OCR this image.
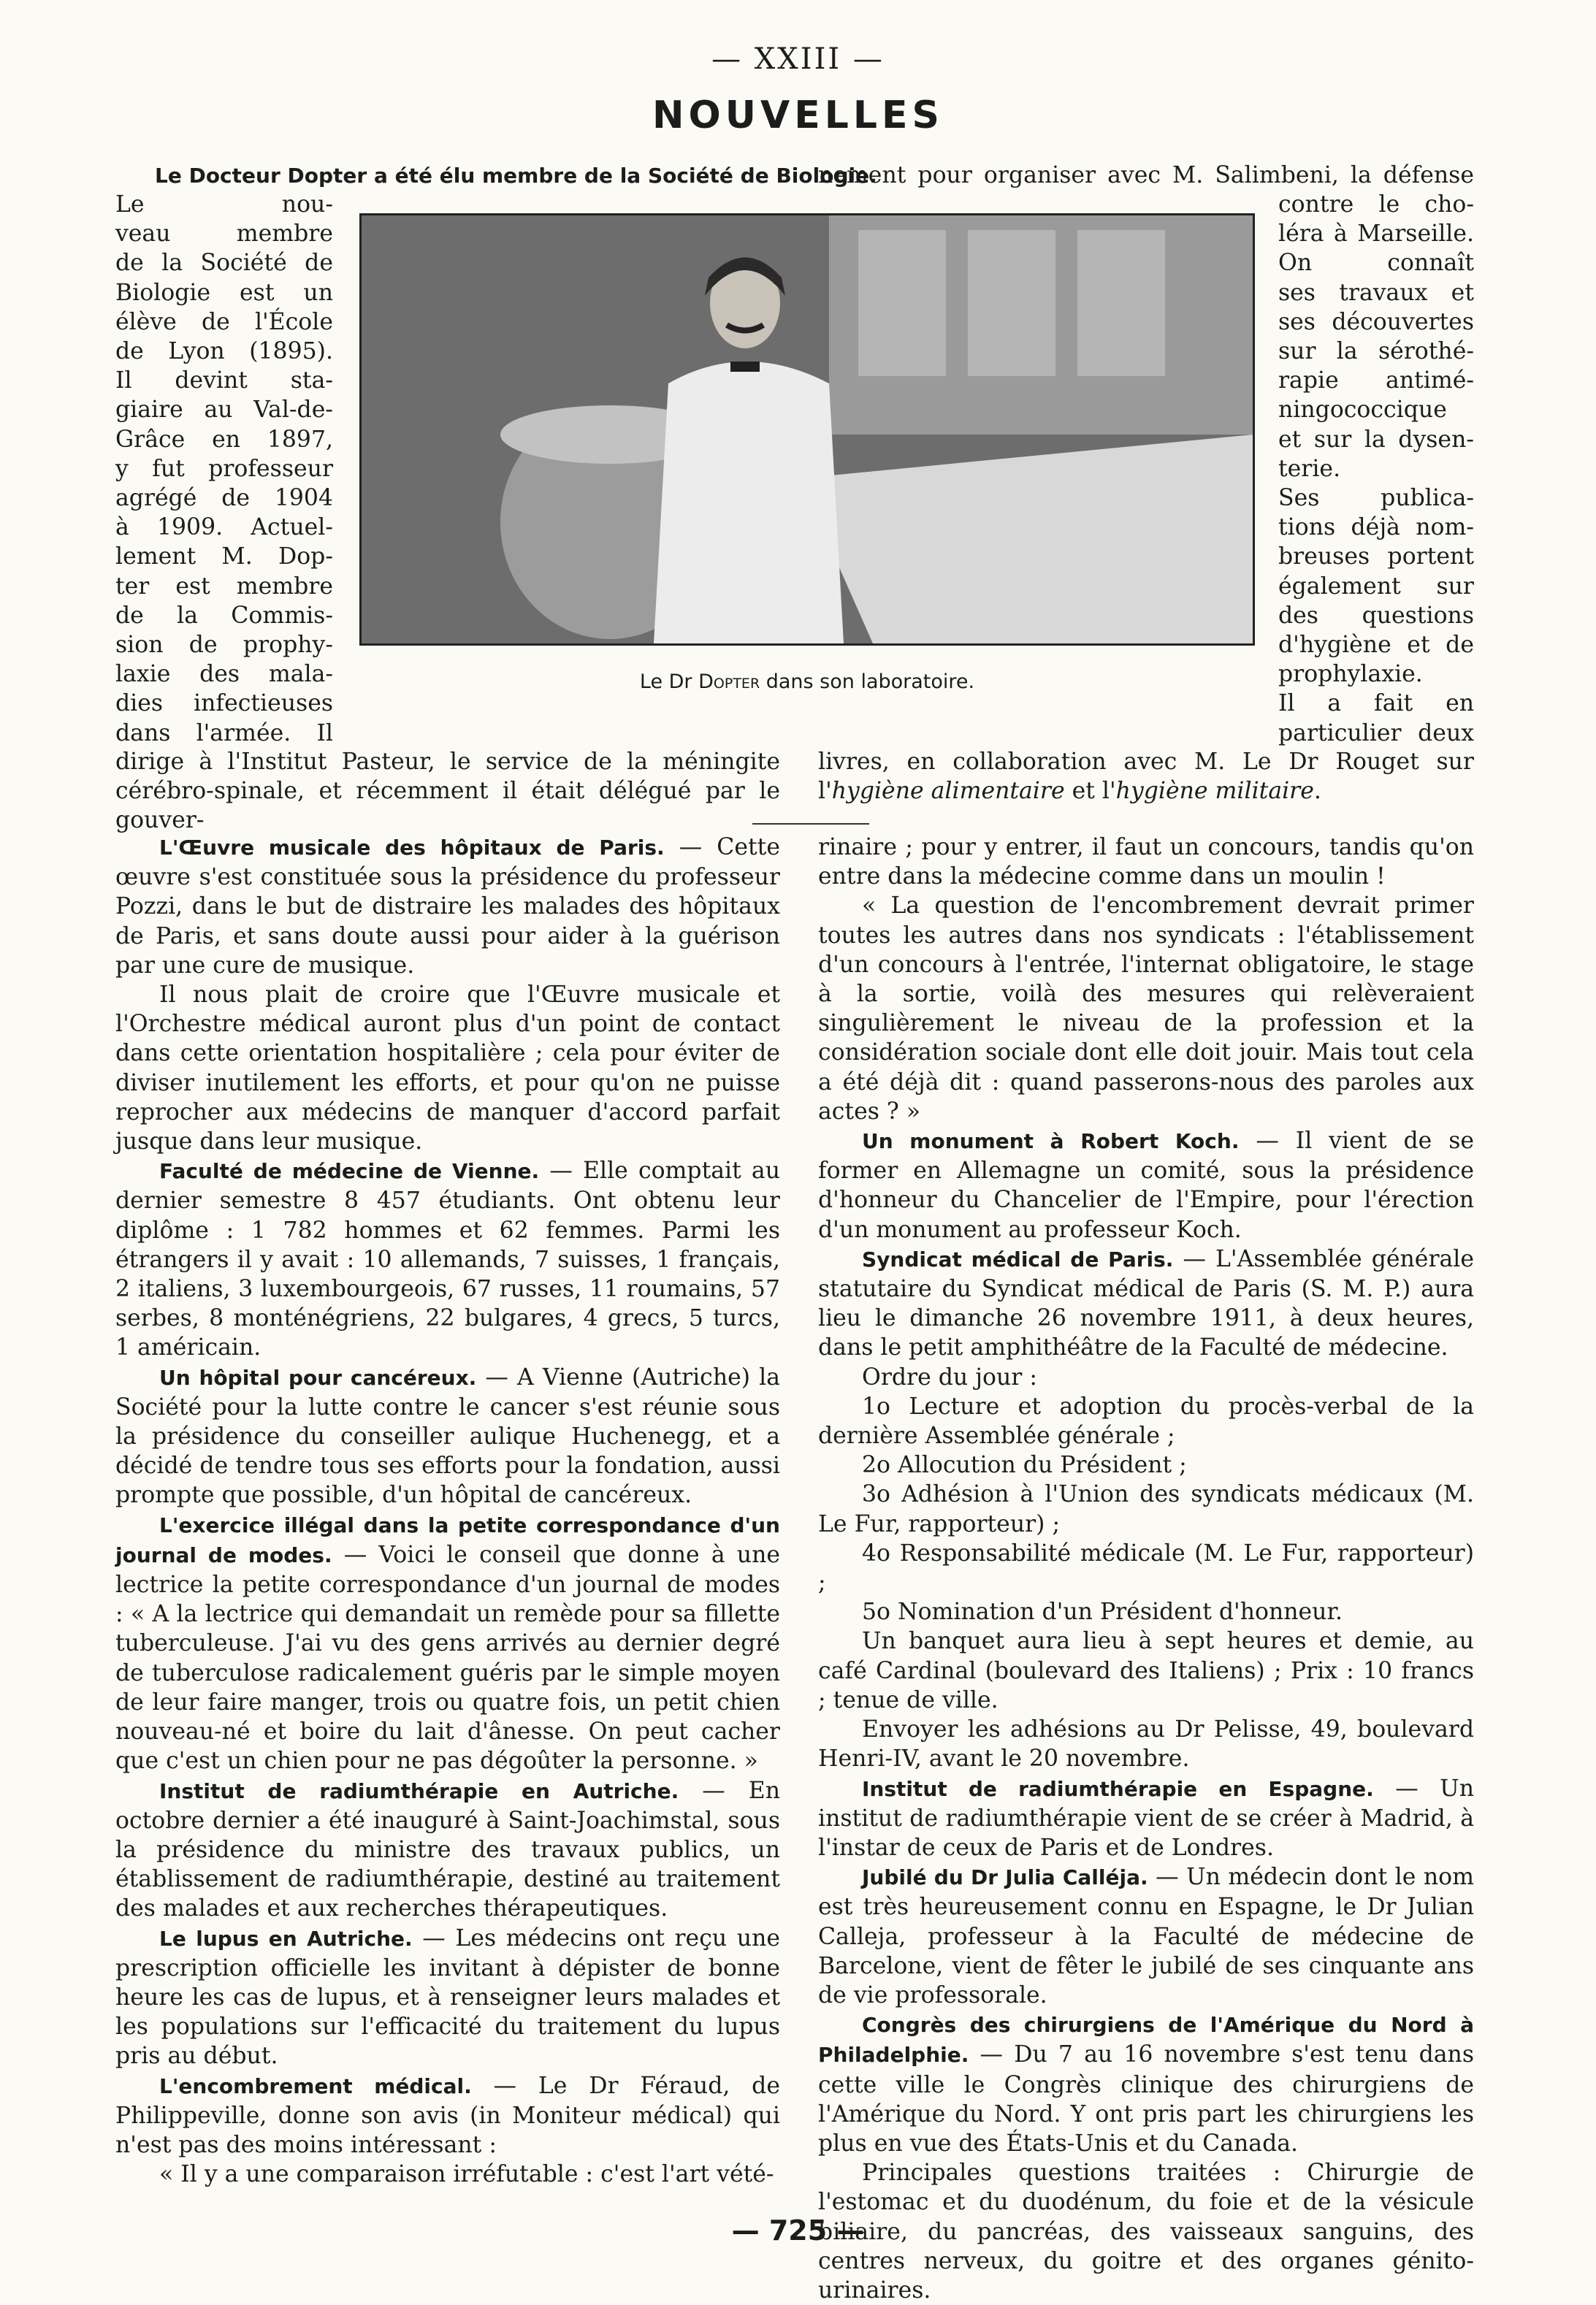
— XXIII —
NOUVELLES
Le Docteur Dopter a été élu membre de la Société de Biologie.
nement pour organiser avec M. Salimbeni, la défense
Le nou-
veau membre
de la Société de
Biologie est un
élève de l'École
de Lyon (1895).
Il devint sta-
giaire au Val-de-
Grâce en 1897,
y fut professeur
agrégé de 1904
à 1909. Actuel-
lement M. Dop-
ter est membre
de la Commis-
sion de prophy-
laxie des mala-
dies infectieuses
dans l'armée. Il
Le Dr Dopter dans son laboratoire.
contre le cho-
léra à Marseille.
On connaît
ses travaux et
ses découvertes
sur la sérothé-
rapie antimé-
ningococcique
et sur la dysen-
terie.
Ses publica-
tions déjà nom-
breuses portent
également sur
des questions
d'hygiène et de
prophylaxie.
Il a fait en
particulier deux

dirige à l'Institut Pasteur, le service de la méningite cérébro-spinale, et récemment il était délégué par le gouver-

livres, en collaboration avec M. Le Dr Rouget sur l'hygiène alimentaire et l'hygiène militaire.

L'Œuvre musicale des hôpitaux de Paris. — Cette œuvre s'est constituée sous la présidence du professeur Pozzi, dans le but de distraire les malades des hôpitaux de Paris, et sans doute aussi pour aider à la guérison par une cure de musique.

Il nous plait de croire que l'Œuvre musicale et l'Orchestre médical auront plus d'un point de contact dans cette orientation hospitalière ; cela pour éviter de diviser inutilement les efforts, et pour qu'on ne puisse reprocher aux médecins de manquer d'accord parfait jusque dans leur musique.

Faculté de médecine de Vienne. — Elle comptait au dernier semestre 8 457 étudiants. Ont obtenu leur diplôme : 1 782 hommes et 62 femmes. Parmi les étrangers il y avait : 10 allemands, 7 suisses, 1 français, 2 italiens, 3 luxembourgeois, 67 russes, 11 roumains, 57 serbes, 8 monténégriens, 22 bulgares, 4 grecs, 5 turcs, 1 américain.

Un hôpital pour cancéreux. — A Vienne (Autriche) la Société pour la lutte contre le cancer s'est réunie sous la présidence du conseiller aulique Huchenegg, et a décidé de tendre tous ses efforts pour la fondation, aussi prompte que possible, d'un hôpital de cancéreux.

L'exercice illégal dans la petite correspondance d'un journal de modes. — Voici le conseil que donne à une lectrice la petite correspondance d'un journal de modes : « A la lectrice qui demandait un remède pour sa fillette tuberculeuse. J'ai vu des gens arrivés au dernier degré de tuberculose radicalement guéris par le simple moyen de leur faire manger, trois ou quatre fois, un petit chien nouveau-né et boire du lait d'ânesse. On peut cacher que c'est un chien pour ne pas dégoûter la personne. »

Institut de radiumthérapie en Autriche. — En octobre dernier a été inauguré à Saint-Joachimstal, sous la présidence du ministre des travaux publics, un établissement de radiumthérapie, destiné au traitement des malades et aux recherches thérapeutiques.

Le lupus en Autriche. — Les médecins ont reçu une prescription officielle les invitant à dépister de bonne heure les cas de lupus, et à renseigner leurs malades et les populations sur l'efficacité du traitement du lupus pris au début.

L'encombrement médical. — Le Dr Féraud, de Philippeville, donne son avis (in Moniteur médical) qui n'est pas des moins intéressant :

« Il y a une comparaison irréfutable : c'est l'art vété-

rinaire ; pour y entrer, il faut un concours, tandis qu'on entre dans la médecine comme dans un moulin !

« La question de l'encombrement devrait primer toutes les autres dans nos syndicats : l'établissement d'un concours à l'entrée, l'internat obligatoire, le stage à la sortie, voilà des mesures qui relèveraient singulièrement le niveau de la profession et la considération sociale dont elle doit jouir. Mais tout cela a été déjà dit : quand passerons-nous des paroles aux actes ? »

Un monument à Robert Koch. — Il vient de se former en Allemagne un comité, sous la présidence d'honneur du Chancelier de l'Empire, pour l'érection d'un monument au professeur Koch.

Syndicat médical de Paris. — L'Assemblée générale statutaire du Syndicat médical de Paris (S. M. P.) aura lieu le dimanche 26 novembre 1911, à deux heures, dans le petit amphithéâtre de la Faculté de médecine.

Ordre du jour :

1o Lecture et adoption du procès-verbal de la dernière Assemblée générale ;

2o Allocution du Président ;

3o Adhésion à l'Union des syndicats médicaux (M. Le Fur, rapporteur) ;

4o Responsabilité médicale (M. Le Fur, rapporteur) ;

5o Nomination d'un Président d'honneur.

Un banquet aura lieu à sept heures et demie, au café Cardinal (boulevard des Italiens) ; Prix : 10 francs ; tenue de ville.

Envoyer les adhésions au Dr Pelisse, 49, boulevard Henri-IV, avant le 20 novembre.

Institut de radiumthérapie en Espagne. — Un institut de radiumthérapie vient de se créer à Madrid, à l'instar de ceux de Paris et de Londres.

Jubilé du Dr Julia Calléja. — Un médecin dont le nom est très heureusement connu en Espagne, le Dr Julian Calleja, professeur à la Faculté de médecine de Barcelone, vient de fêter le jubilé de ses cinquante ans de vie professorale.

Congrès des chirurgiens de l'Amérique du Nord à Philadelphie. — Du 7 au 16 novembre s'est tenu dans cette ville le Congrès clinique des chirurgiens de l'Amérique du Nord. Y ont pris part les chirurgiens les plus en vue des États-Unis et du Canada.

Principales questions traitées : Chirurgie de l'estomac et du duodénum, du foie et de la vésicule biliaire, du pancréas, des vaisseaux sanguins, des centres nerveux, du goitre et des organes génito-urinaires.

— 725 —
